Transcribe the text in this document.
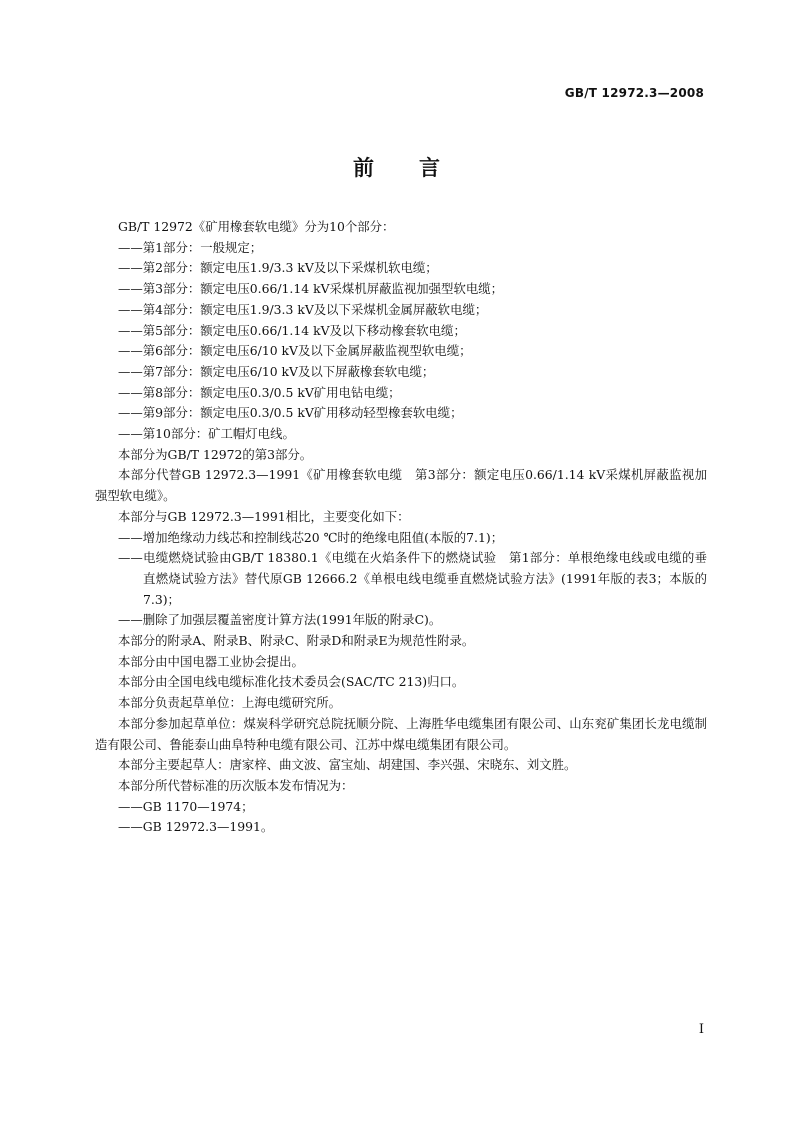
GB/T 12972.3—2008
前 言
GB/T 12972《矿用橡套软电缆》分为10个部分：
——第1部分：一般规定；
——第2部分：额定电压1.9/3.3 kV及以下采煤机软电缆；
——第3部分：额定电压0.66/1.14 kV采煤机屏蔽监视加强型软电缆；
——第4部分：额定电压1.9/3.3 kV及以下采煤机金属屏蔽软电缆；
——第5部分：额定电压0.66/1.14 kV及以下移动橡套软电缆；
——第6部分：额定电压6/10 kV及以下金属屏蔽监视型软电缆；
——第7部分：额定电压6/10 kV及以下屏蔽橡套软电缆；
——第8部分：额定电压0.3/0.5 kV矿用电钻电缆；
——第9部分：额定电压0.3/0.5 kV矿用移动轻型橡套软电缆；
——第10部分：矿工帽灯电线。
本部分为GB/T 12972的第3部分。
本部分代替GB 12972.3—1991《矿用橡套软电缆　第3部分：额定电压0.66/1.14 kV采煤机屏蔽监视加强型软电缆》。
本部分与GB 12972.3—1991相比，主要变化如下：
——增加绝缘动力线芯和控制线芯20 ℃时的绝缘电阻值(本版的7.1)；
——电缆燃烧试验由GB/T 18380.1《电缆在火焰条件下的燃烧试验　第1部分：单根绝缘电线或电缆的垂直燃烧试验方法》替代原GB 12666.2《单根电线电缆垂直燃烧试验方法》(1991年版的表3；本版的7.3)；
——删除了加强层覆盖密度计算方法(1991年版的附录C)。
本部分的附录A、附录B、附录C、附录D和附录E为规范性附录。
本部分由中国电器工业协会提出。
本部分由全国电线电缆标准化技术委员会(SAC/TC 213)归口。
本部分负责起草单位：上海电缆研究所。
本部分参加起草单位：煤炭科学研究总院抚顺分院、上海胜华电缆集团有限公司、山东兖矿集团长龙电缆制造有限公司、鲁能泰山曲阜特种电缆有限公司、江苏中煤电缆集团有限公司。
本部分主要起草人：唐家梓、曲文波、富宝灿、胡建国、李兴强、宋晓东、刘文胜。
本部分所代替标准的历次版本发布情况为：
——GB 1170—1974；
——GB 12972.3—1991。
I
